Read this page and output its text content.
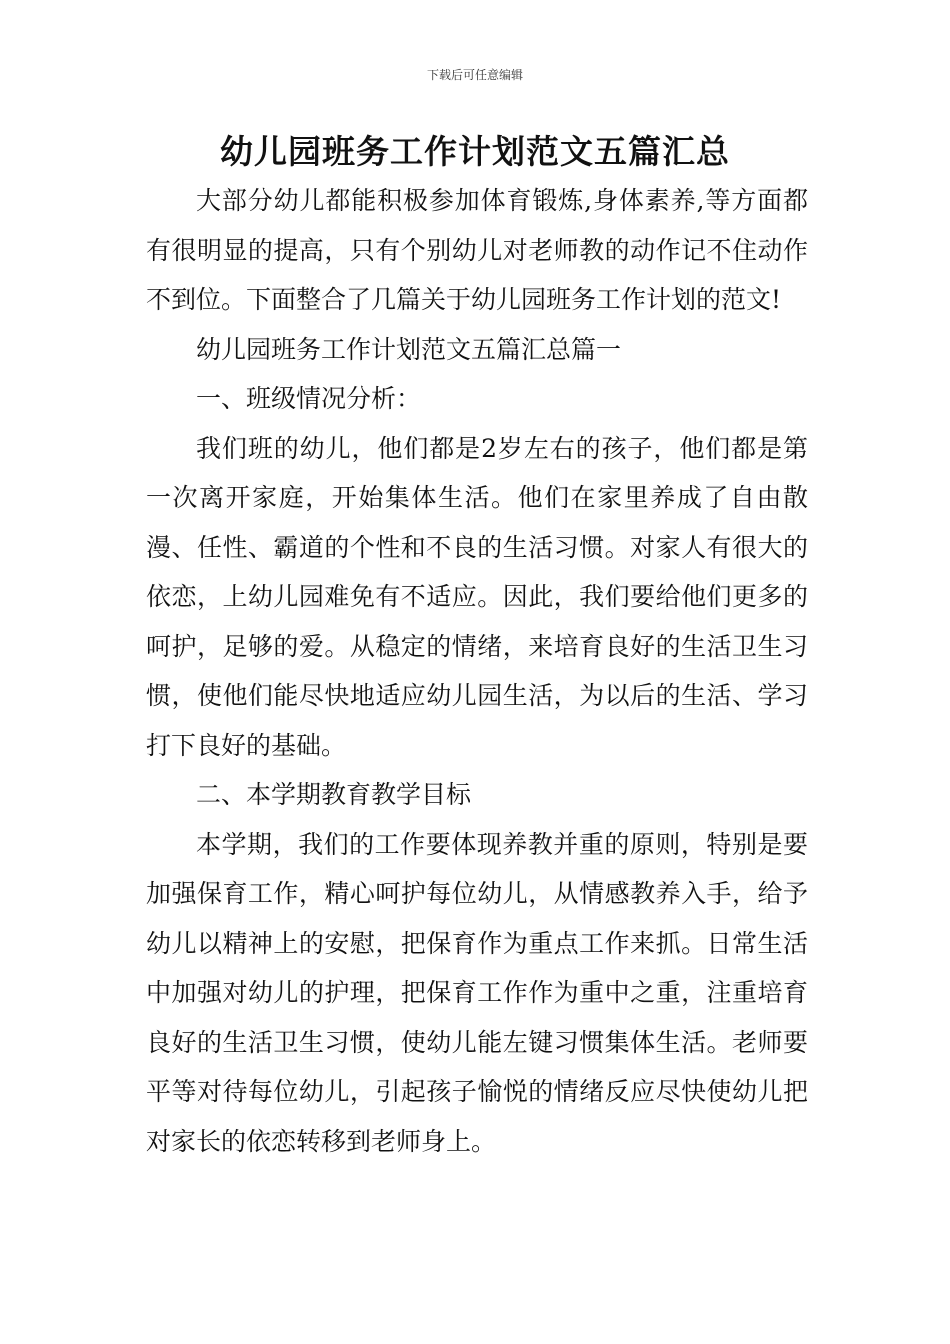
下载后可任意编辑
幼儿园班务工作计划范文五篇汇总

大部分幼儿都能积极参加体育锻炼,身体素养,等方面都有很明显的提高，只有个别幼儿对老师教的动作记不住动作不到位。下面整合了几篇关于幼儿园班务工作计划的范文!

幼儿园班务工作计划范文五篇汇总篇一

一、班级情况分析：

我们班的幼儿，他们都是2岁左右的孩子，他们都是第一次离开家庭，开始集体生活。他们在家里养成了自由散漫、任性、霸道的个性和不良的生活习惯。对家人有很大的依恋，上幼儿园难免有不适应。因此，我们要给他们更多的呵护，足够的爱。从稳定的情绪，来培育良好的生活卫生习惯，使他们能尽快地适应幼儿园生活，为以后的生活、学习打下良好的基础。

二、本学期教育教学目标

本学期，我们的工作要体现养教并重的原则，特别是要加强保育工作，精心呵护每位幼儿，从情感教养入手，给予幼儿以精神上的安慰，把保育作为重点工作来抓。日常生活中加强对幼儿的护理，把保育工作作为重中之重，注重培育良好的生活卫生习惯，使幼儿能左键习惯集体生活。老师要平等对待每位幼儿，引起孩子愉悦的情绪反应尽快使幼儿把对家长的依恋转移到老师身上。
